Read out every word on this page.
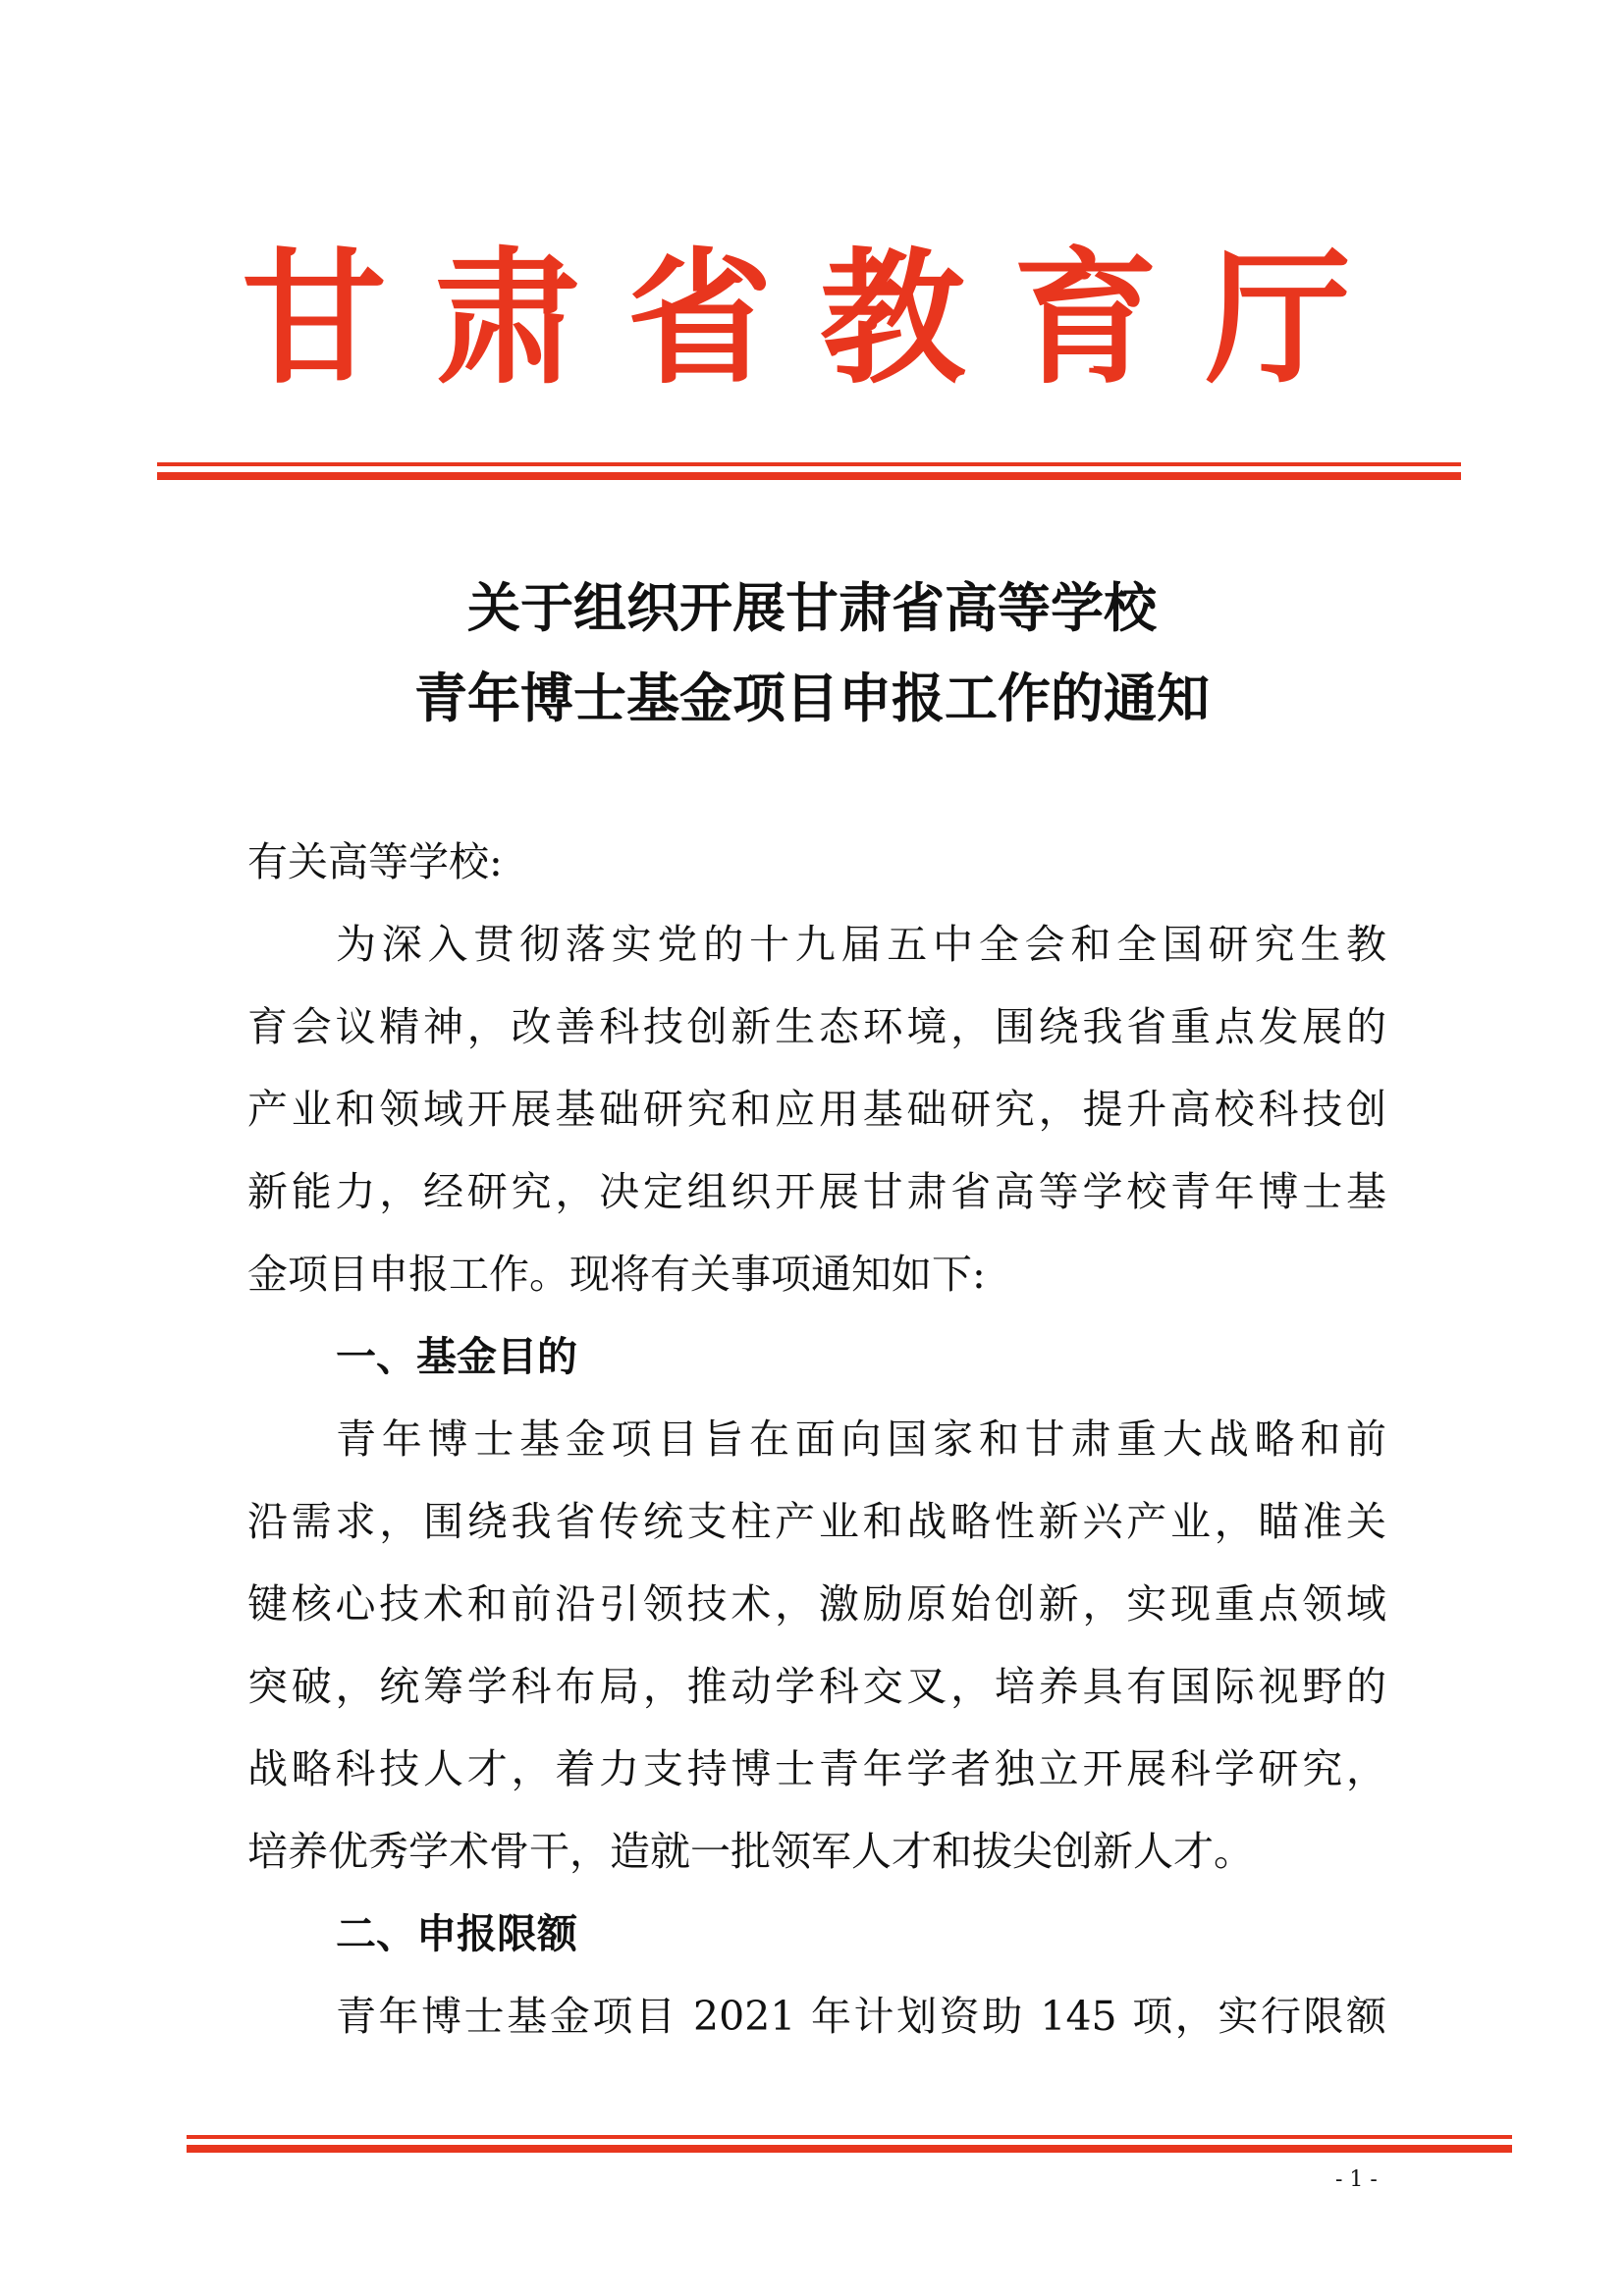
甘 肃 省 教 育 厅
关于组织开展甘肃省高等学校
青年博士基金项目申报工作的通知
有关高等学校:
为深入贯彻落实党的十九届五中全会和全国研究生教
育会议精神，改善科技创新生态环境，围绕我省重点发展的
产业和领域开展基础研究和应用基础研究，提升高校科技创
新能力，经研究，决定组织开展甘肃省高等学校青年博士基
金项目申报工作。现将有关事项通知如下:
一、基金目的
青年博士基金项目旨在面向国家和甘肃重大战略和前
沿需求，围绕我省传统支柱产业和战略性新兴产业，瞄准关
键核心技术和前沿引领技术，激励原始创新，实现重点领域
突破，统筹学科布局，推动学科交叉，培养具有国际视野的
战略科技人才，着力支持博士青年学者独立开展科学研究，
培养优秀学术骨干，造就一批领军人才和拔尖创新人才。
二、申报限额
青年博士基金项目 2021 年计划资助 145 项，实行限额
- 1 -
